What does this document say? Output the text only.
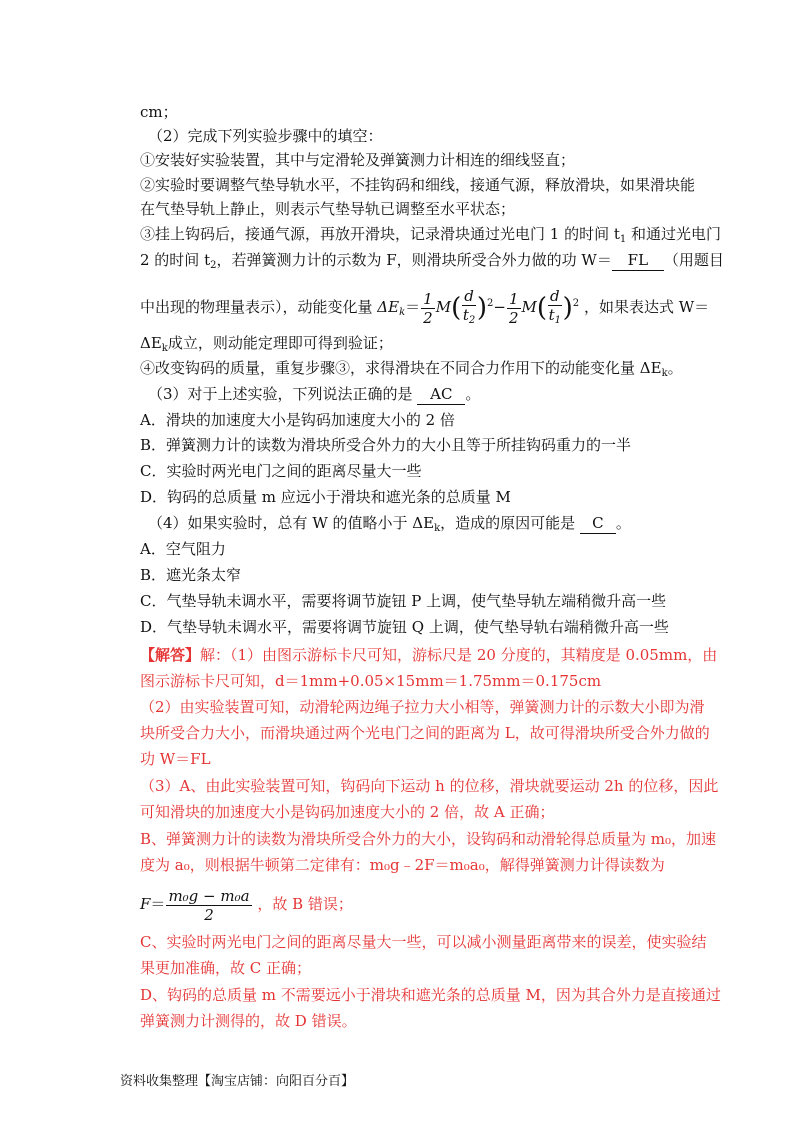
cm；
（2）完成下列实验步骤中的填空：
①安装好实验装置，其中与定滑轮及弹簧测力计相连的细线竖直；
②实验时要调整气垫导轨水平，不挂钩码和细线，接通气源，释放滑块，如果滑块能
在气垫导轨上静止，则表示气垫导轨已调整至水平状态；
③挂上钩码后，接通气源，再放开滑块，记录滑块通过光电门 1 的时间 $t_1$ 和通过光电门
2 的时间 $t_2$，若弹簧测力计的示数为 F，则滑块所受合外力做的功 W＝ FL （用题目
中出现的物理量表示），动能变化量 $\Delta E_k= \frac{1}{2} M( \frac{d}{t_2} )^2- \frac{1}{2} M( \frac{d}{t_1} )^2$ ，如果表达式 W＝
$\Delta E_k$成立，则动能定理即可得到验证；
④改变钩码的质量，重复步骤③，求得滑块在不同合力作用下的动能变化量 $\Delta E_k$。
（3）对于上述实验，下列说法正确的是 AC 。
A．滑块的加速度大小是钩码加速度大小的 2 倍
B．弹簧测力计的读数为滑块所受合外力的大小且等于所挂钩码重力的一半
C．实验时两光电门之间的距离尽量大一些
D．钩码的总质量 m 应远小于滑块和遮光条的总质量 M
（4）如果实验时，总有 W 的值略小于 $\Delta E_k$，造成的原因可能是 C 。
A．空气阻力
B．遮光条太窄
C．气垫导轨未调水平，需要将调节旋钮 P 上调，使气垫导轨左端稍微升高一些
D．气垫导轨未调水平，需要将调节旋钮 Q 上调，使气垫导轨右端稍微升高一些
【解答】解：（1）由图示游标卡尺可知，游标尺是 20 分度的，其精度是 0.05mm，由
图示游标卡尺可知，d＝1mm+0.05×15mm＝1.75mm＝0.175cm
（2）由实验装置可知，动滑轮两边绳子拉力大小相等，弹簧测力计的示数大小即为滑
块所受合力大小，而滑块通过两个光电门之间的距离为 L，故可得滑块所受合外力做的
功 W＝FL
（3）A、由此实验装置可知，钩码向下运动 h 的位移，滑块就要运动 2h 的位移，因此
可知滑块的加速度大小是钩码加速度大小的 2 倍，故 A 正确；
B、弹簧测力计的读数为滑块所受合外力的大小，设钩码和动滑轮得总质量为 m₀，加速
度为 a₀，则根据牛顿第二定律有：m₀g﹣2F＝m₀a₀，解得弹簧测力计得读数为
$F= \frac{\text{m₀g − m₀a}}{2}$ ，故 B 错误；
C、实验时两光电门之间的距离尽量大一些，可以减小测量距离带来的误差，使实验结
果更加准确，故 C 正确；
D、钩码的总质量 m 不需要远小于滑块和遮光条的总质量 M，因为其合外力是直接通过
弹簧测力计测得的，故 D 错误。
资料收集整理【淘宝店铺：向阳百分百】
